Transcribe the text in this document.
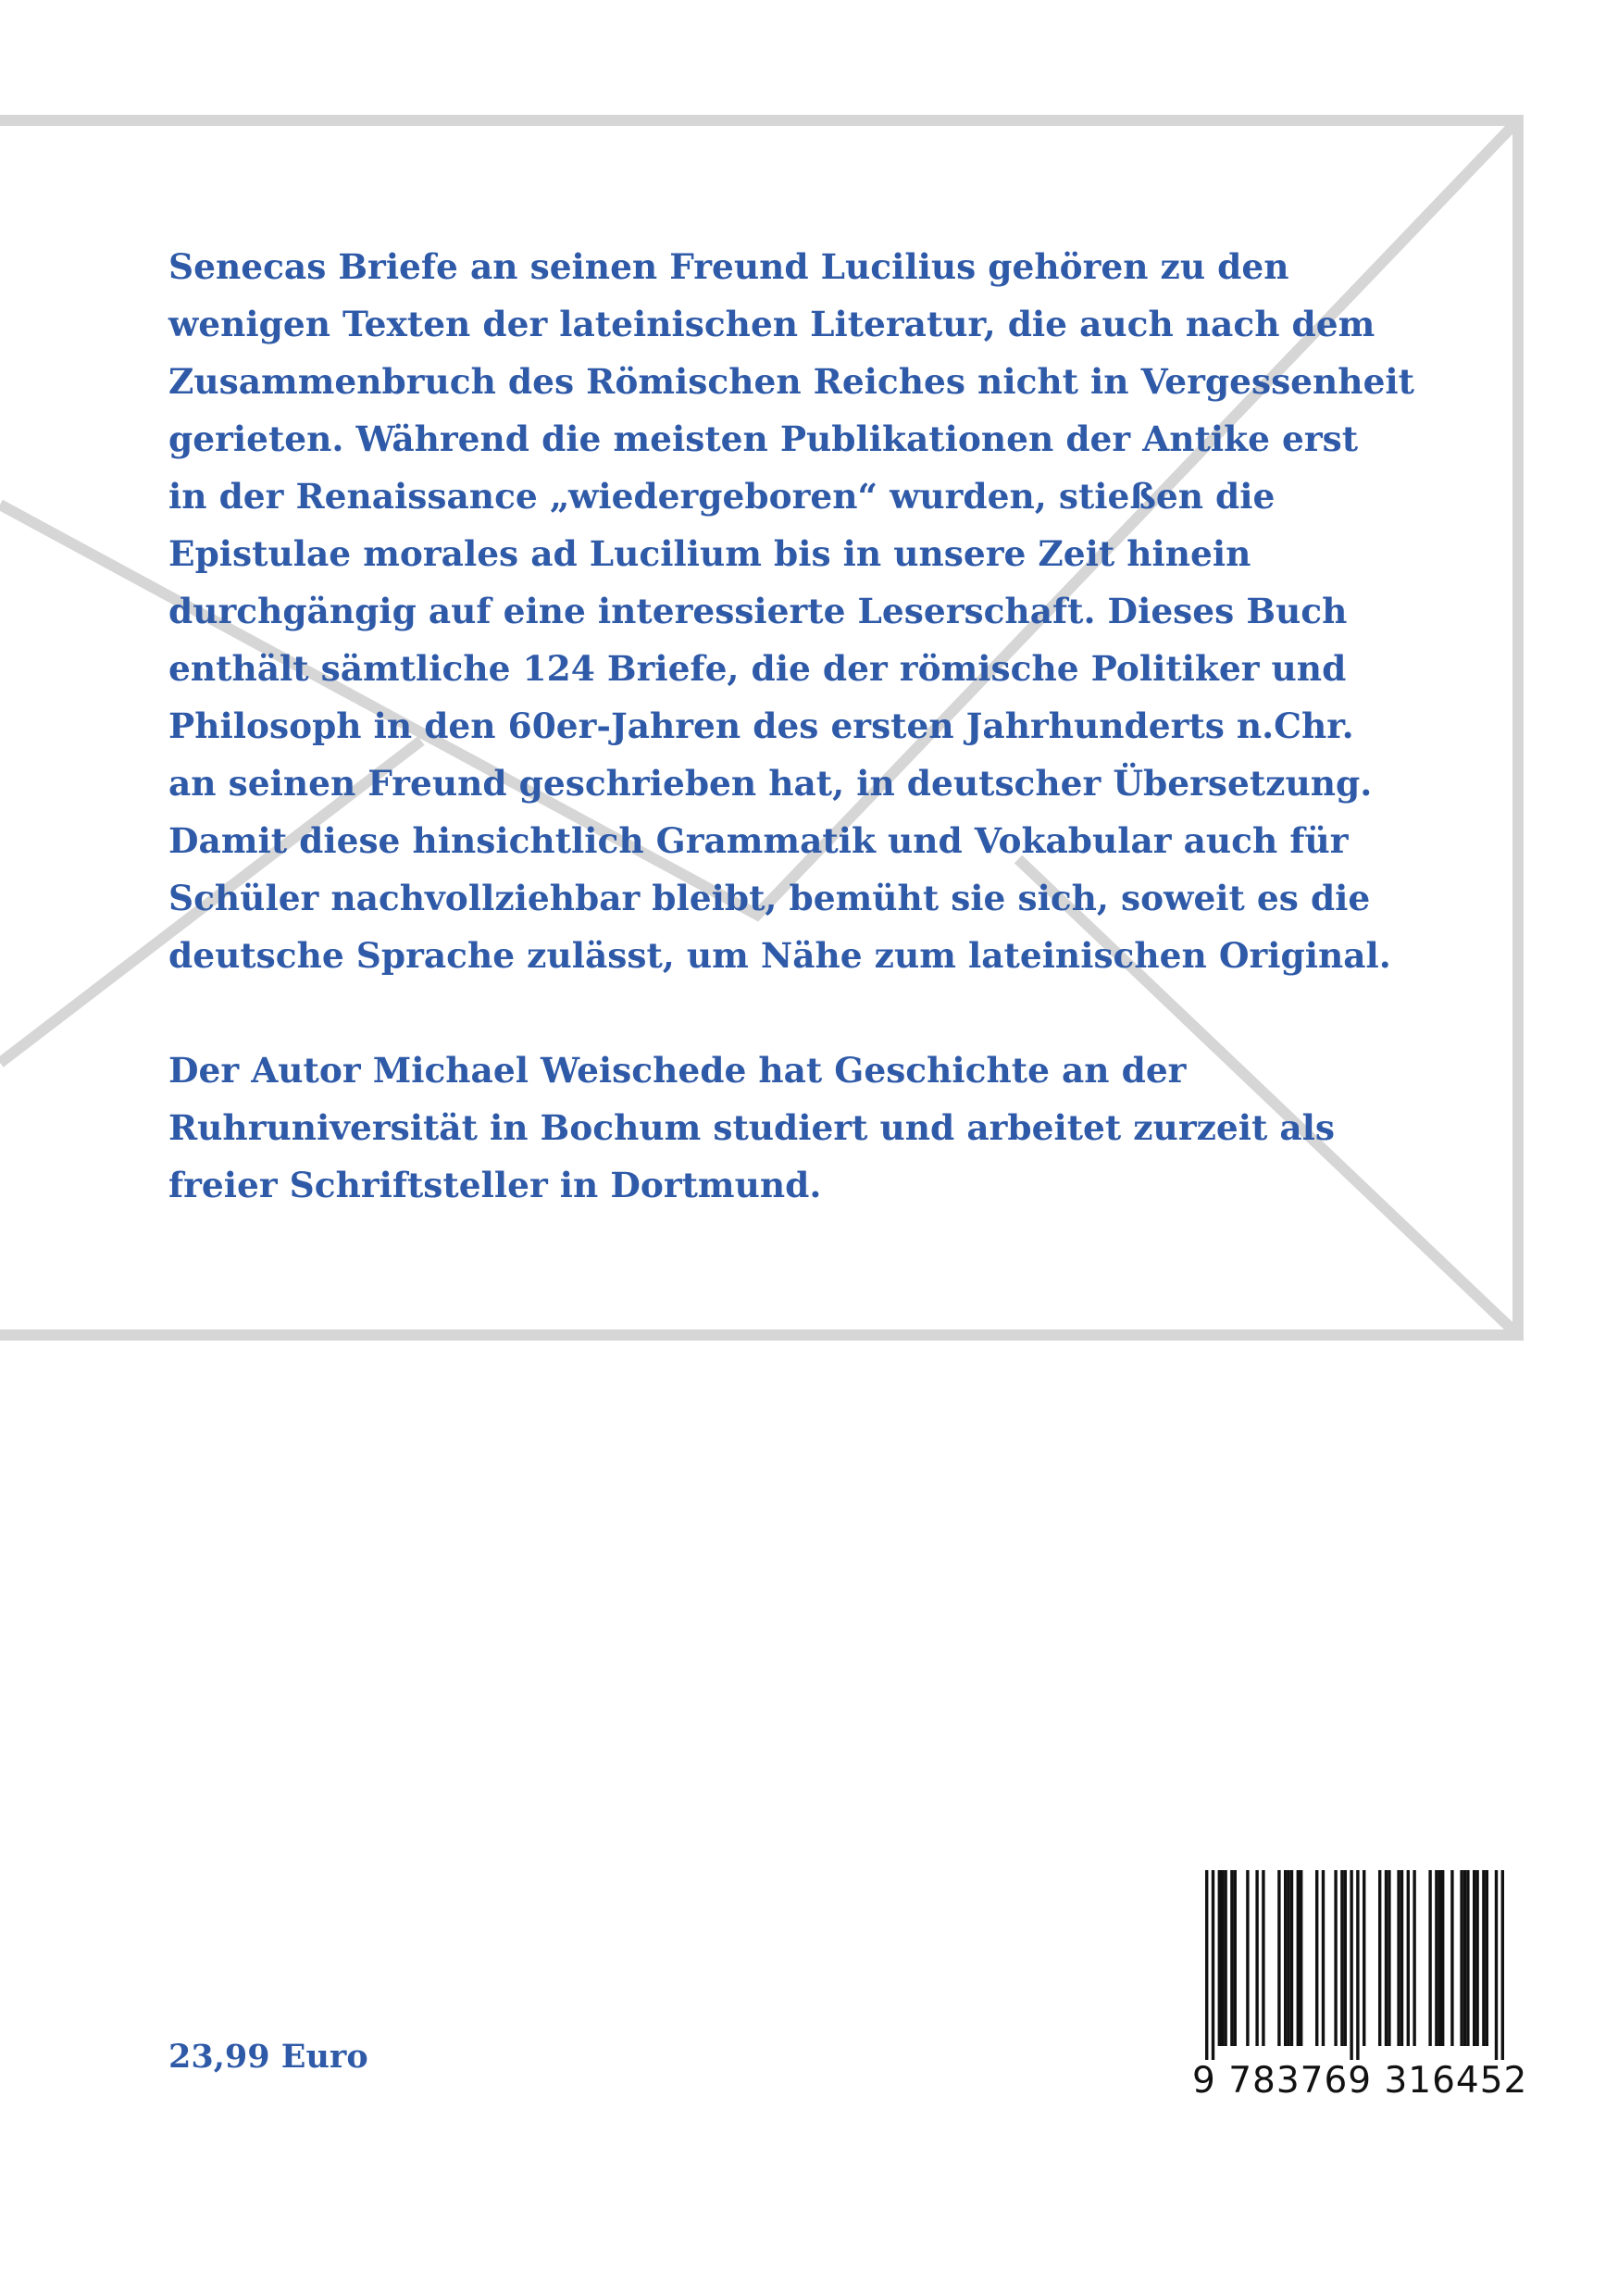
Senecas Briefe an seinen Freund Lucilius gehören zu den
wenigen Texten der lateinischen Literatur, die auch nach dem
Zusammenbruch des Römischen Reiches nicht in Vergessenheit
gerieten. Während die meisten Publikationen der Antike erst
in der Renaissance „wiedergeboren“ wurden, stießen die
Epistulae morales ad Lucilium bis in unsere Zeit hinein
durchgängig auf eine interessierte Leserschaft. Dieses Buch
enthält sämtliche 124 Briefe, die der römische Politiker und
Philosoph in den 60er-Jahren des ersten Jahrhunderts n.Chr.
an seinen Freund geschrieben hat, in deutscher Übersetzung.
Damit diese hinsichtlich Grammatik und Vokabular auch für
Schüler nachvollziehbar bleibt, bemüht sie sich, soweit es die
deutsche Sprache zulässt, um Nähe zum lateinischen Original.

Der Autor Michael Weischede hat Geschichte an der
Ruhruniversität in Bochum studiert und arbeitet zurzeit als
freier Schriftsteller in Dortmund.

23,99 Euro
9 783769 316452
